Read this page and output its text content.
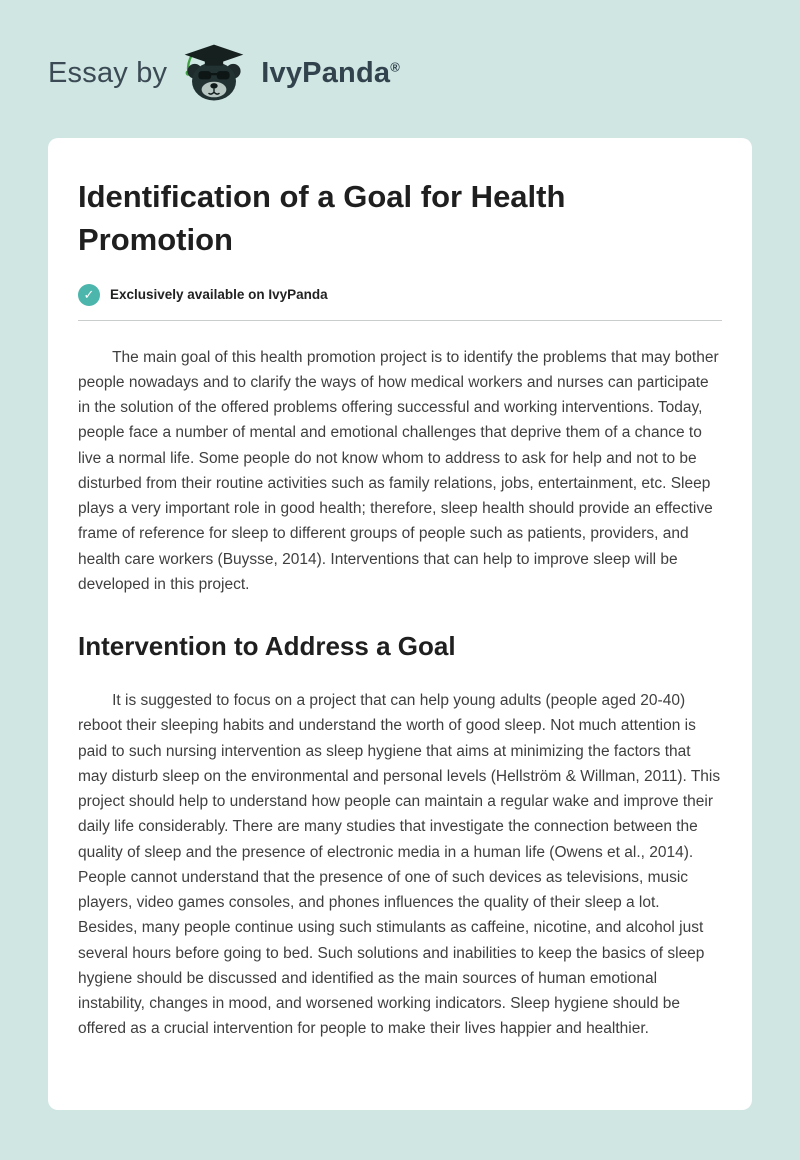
Essay by	IvyPanda®
Identification of a Goal for Health Promotion
✓	Exclusively available on IvyPanda

The main goal of this health promotion project is to identify the problems that may bother people nowadays and to clarify the ways of how medical workers and nurses can participate in the solution of the offered problems offering successful and working interventions. Today, people face a number of mental and emotional challenges that deprive them of a chance to live a normal life. Some people do not know whom to address to ask for help and not to be disturbed from their routine activities such as family relations, jobs, entertainment, etc. Sleep plays a very important role in good health; therefore, sleep health should provide an effective frame of reference for sleep to different groups of people such as patients, providers, and health care workers (Buysse, 2014). Interventions that can help to improve sleep will be developed in this project.

Intervention to Address a Goal

It is suggested to focus on a project that can help young adults (people aged 20-40) reboot their sleeping habits and understand the worth of good sleep. Not much attention is paid to such nursing intervention as sleep hygiene that aims at minimizing the factors that may disturb sleep on the environmental and personal levels (Hellström & Willman, 2011). This project should help to understand how people can maintain a regular wake and improve their daily life considerably. There are many studies that investigate the connection between the quality of sleep and the presence of electronic media in a human life (Owens et al., 2014). People cannot understand that the presence of one of such devices as televisions, music players, video games consoles, and phones influences the quality of their sleep a lot. Besides, many people continue using such stimulants as caffeine, nicotine, and alcohol just several hours before going to bed. Such solutions and inabilities to keep the basics of sleep hygiene should be discussed and identified as the main sources of human emotional instability, changes in mood, and worsened working indicators. Sleep hygiene should be offered as a crucial intervention for people to make their lives happier and healthier.
